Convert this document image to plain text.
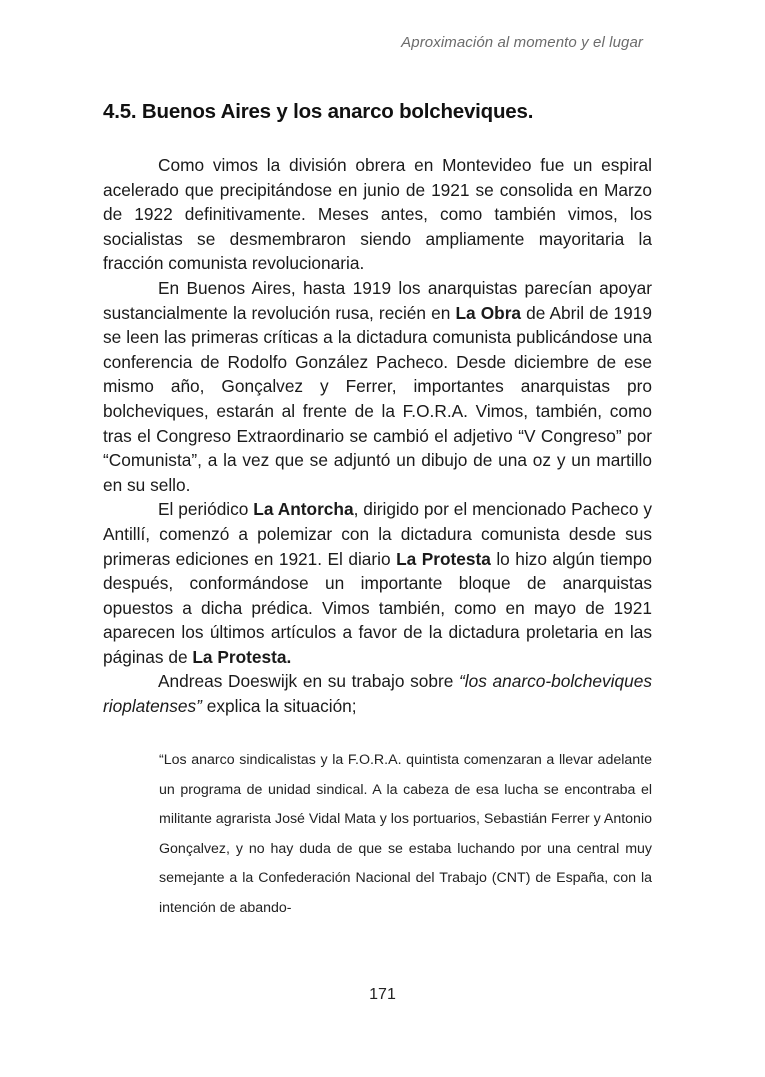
Aproximación al momento y el lugar
4.5. Buenos Aires y los anarco bolcheviques.

Como vimos la división obrera en Montevideo fue un espiral acelerado que precipitándose en junio de 1921 se consolida en Marzo de 1922 definitivamente. Meses antes, como también vimos, los socialistas se desmembraron siendo ampliamente mayoritaria la fracción comunista revolucionaria.

En Buenos Aires, hasta 1919 los anarquistas parecían apoyar sustancialmente la revolución rusa, recién en La Obra de Abril de 1919 se leen las primeras críticas a la dictadura comunista publicándose una conferencia de Rodolfo González Pacheco. Desde diciembre de ese mismo año, Gonçalvez y Ferrer, importantes anarquistas pro bolcheviques, estarán al frente de la F.O.R.A. Vimos, también, como tras el Congreso Extraordinario se cambió el adjetivo “V Congreso” por “Comunista”, a la vez que se adjuntó un dibujo de una oz y un martillo en su sello.

El periódico La Antorcha, dirigido por el mencionado Pacheco y Antillí, comenzó a polemizar con la dictadura comunista desde sus primeras ediciones en 1921. El diario La Protesta lo hizo algún tiempo después, conformándose un importante bloque de anarquistas opuestos a dicha prédica. Vimos también, como en mayo de 1921 aparecen los últimos artículos a favor de la dictadura proletaria en las páginas de La Protesta.

Andreas Doeswijk en su trabajo sobre “los anarco-bolcheviques rioplatenses” explica la situación;

“Los anarco sindicalistas y la F.O.R.A. quintista comenzaran a llevar adelante un programa de unidad sindical. A la cabeza de esa lucha se encontraba el militante agrarista José Vidal Mata y los portuarios, Sebastián Ferrer y Antonio Gonçalvez, y no hay duda de que se estaba luchando por una central muy semejante a la Confederación Nacional del Trabajo (CNT) de España, con la intención de abando-

171
